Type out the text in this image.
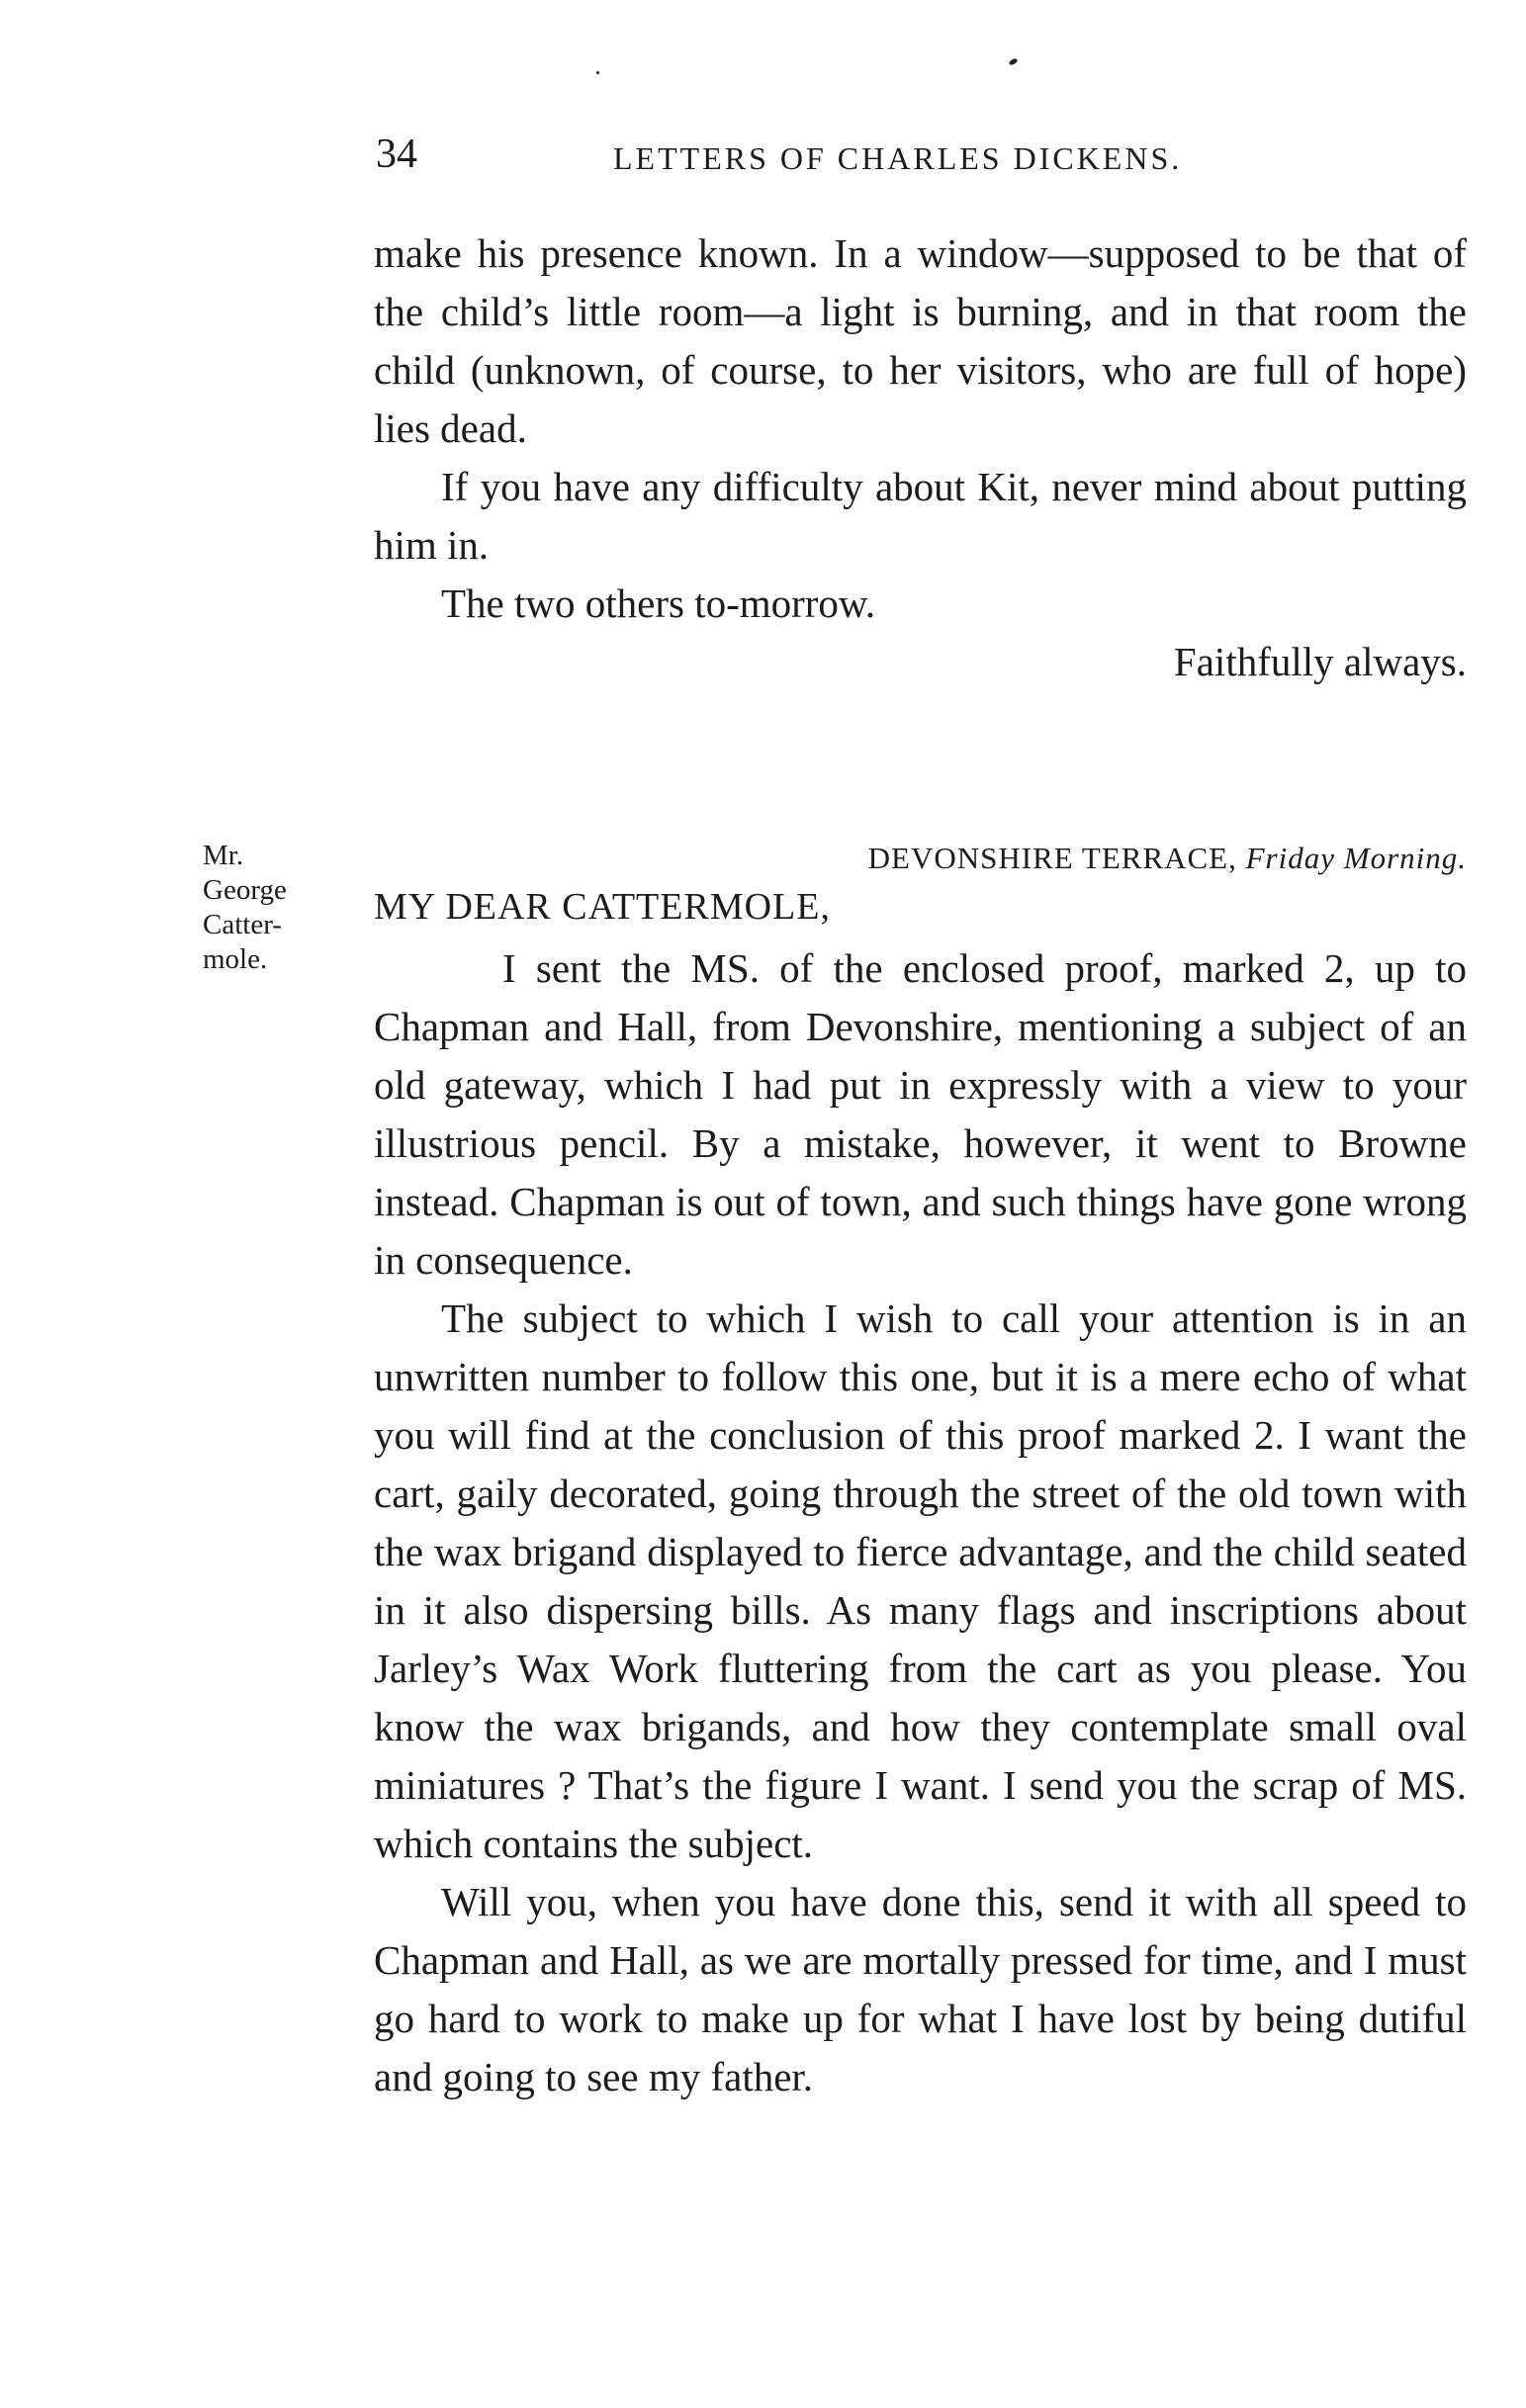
34	LETTERS OF CHARLES DICKENS.

make his presence known. In a window—supposed to be that of the child’s little room—a light is burning, and in that room the child (unknown, of course, to her visitors, who are full of hope) lies dead.

If you have any difficulty about Kit, never mind about putting him in.

The two others to-morrow.

Faithfully always.
Mr.
George
Catter-
mole.
DEVONSHIRE TERRACE, Friday Morning.
MY DEAR CATTERMOLE,

I sent the MS. of the enclosed proof, marked 2, up to Chapman and Hall, from Devonshire, mentioning a subject of an old gateway, which I had put in expressly with a view to your illustrious pencil. By a mistake, however, it went to Browne instead. Chapman is out of town, and such things have gone wrong in consequence.

The subject to which I wish to call your attention is in an unwritten number to follow this one, but it is a mere echo of what you will find at the conclusion of this proof marked 2. I want the cart, gaily decorated, going through the street of the old town with the wax brigand displayed to fierce advantage, and the child seated in it also dispersing bills. As many flags and inscriptions about Jarley’s Wax Work fluttering from the cart as you please. You know the wax brigands, and how they contemplate small oval miniatures ? That’s the figure I want. I send you the scrap of MS. which contains the subject.

Will you, when you have done this, send it with all speed to Chapman and Hall, as we are mortally pressed for time, and I must go hard to work to make up for what I have lost by being dutiful and going to see my father.
